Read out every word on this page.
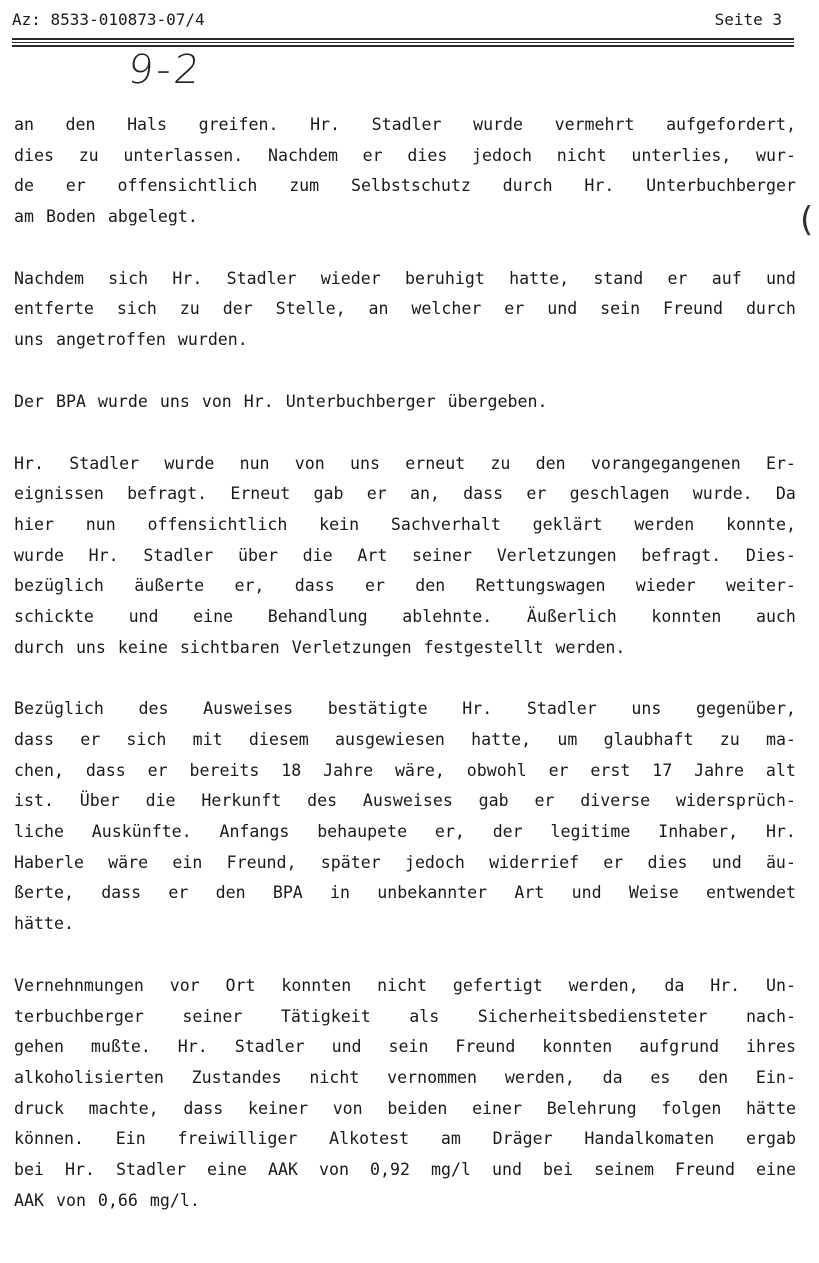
Az: 8533-010873-07/4	Seite 3
9-2
(
an den Hals greifen. Hr. Stadler wurde vermehrt aufgefordert,
dies zu unterlassen. Nachdem er dies jedoch nicht unterlies, wur-
de er offensichtlich zum Selbstschutz durch Hr. Unterbuchberger
am Boden abgelegt.
Nachdem sich Hr. Stadler wieder beruhigt hatte, stand er auf und
entferte sich zu der Stelle, an welcher er und sein Freund durch
uns angetroffen wurden.
Der BPA wurde uns von Hr. Unterbuchberger übergeben.
Hr. Stadler wurde nun von uns erneut zu den vorangegangenen Er-
eignissen befragt. Erneut gab er an, dass er geschlagen wurde. Da
hier nun offensichtlich kein Sachverhalt geklärt werden konnte,
wurde Hr. Stadler über die Art seiner Verletzungen befragt. Dies-
bezüglich äußerte er, dass er den Rettungswagen wieder weiter-
schickte und eine Behandlung ablehnte. Äußerlich konnten auch
durch uns keine sichtbaren Verletzungen festgestellt werden.
Bezüglich des Ausweises bestätigte Hr. Stadler uns gegenüber,
dass er sich mit diesem ausgewiesen hatte, um glaubhaft zu ma-
chen, dass er bereits 18 Jahre wäre, obwohl er erst 17 Jahre alt
ist. Über die Herkunft des Ausweises gab er diverse widersprüch-
liche Auskünfte. Anfangs behaupete er, der legitime Inhaber, Hr.
Haberle wäre ein Freund, später jedoch widerrief er dies und äu-
ßerte, dass er den BPA in unbekannter Art und Weise entwendet
hätte.
Vernehnmungen vor Ort konnten nicht gefertigt werden, da Hr. Un-
terbuchberger seiner Tätigkeit als Sicherheitsbediensteter nach-
gehen mußte. Hr. Stadler und sein Freund konnten aufgrund ihres
alkoholisierten Zustandes nicht vernommen werden, da es den Ein-
druck machte, dass keiner von beiden einer Belehrung folgen hätte
können. Ein freiwilliger Alkotest am Dräger Handalkomaten ergab
bei Hr. Stadler eine AAK von 0,92 mg/l und bei seinem Freund eine
AAK von 0,66 mg/l.
